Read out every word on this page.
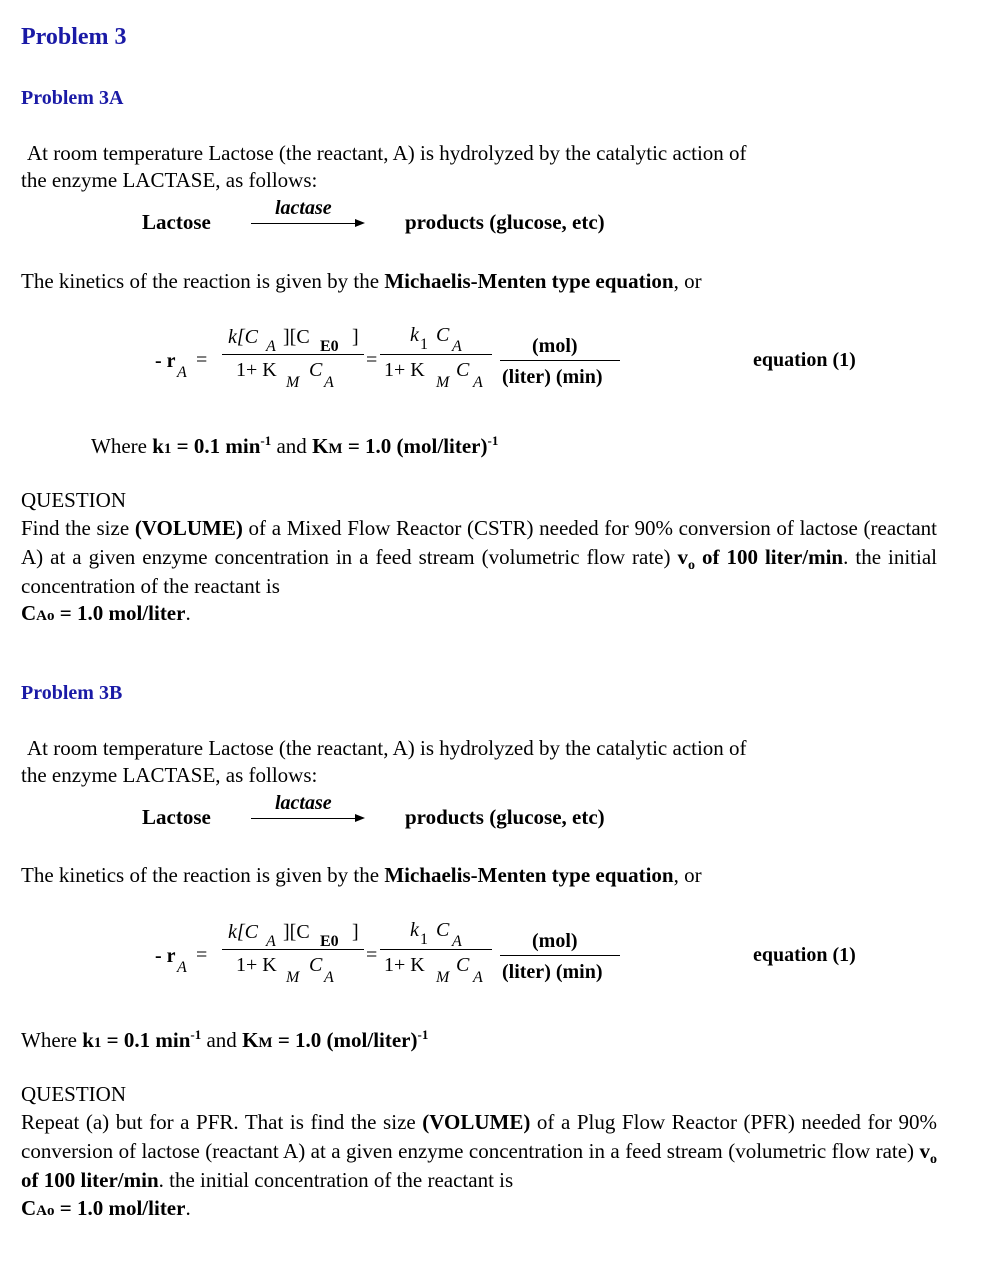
Problem 3
Problem 3A
At room temperature Lactose (the reactant, A) is hydrolyzed by the catalytic action of
the enzyme LACTASE, as follows:
Lactose
lactase
products (glucose, etc)
The kinetics of the reaction is given by the Michaelis-Menten type equation, or
- r
A
=
k[C A ][C E0 ]
1+ K
M
C
A
=
k 1 C
A
1+ K
M
C
A
(mol)
(liter) (min)
equation (1)
Where k1 = 0.1 $\min^{-1}$ and KM = 1.0 (mol/liter)$^{-1}$
QUESTION
Find the size (VOLUME) of a Mixed Flow Reactor (CSTR) needed for 90% conversion of lactose (reactant A) at a given enzyme concentration in a feed stream (volumetric flow rate) $v_o$ of 100 liter/min. the initial concentration of the reactant is
CAo = 1.0 mol/liter.
Problem 3B
At room temperature Lactose (the reactant, A) is hydrolyzed by the catalytic action of
the enzyme LACTASE, as follows:
Lactose
lactase
products (glucose, etc)
The kinetics of the reaction is given by the Michaelis-Menten type equation, or
- r
A
=
k[C A ][C E0 ]
1+ K
M
C
A
=
k 1 C
A
1+ K
M
C
A
(mol)
(liter) (min)
equation (1)
Where k1 = 0.1 $\min^{-1}$ and KM = 1.0 (mol/liter)$^{-1}$
QUESTION
Repeat (a) but for a PFR. That is find the size (VOLUME) of a Plug Flow Reactor (PFR) needed for 90% conversion of lactose (reactant A) at a given enzyme concentration in a feed stream (volumetric flow rate) $v_o$ of 100 liter/min. the initial concentration of the reactant is
CAo = 1.0 mol/liter.
